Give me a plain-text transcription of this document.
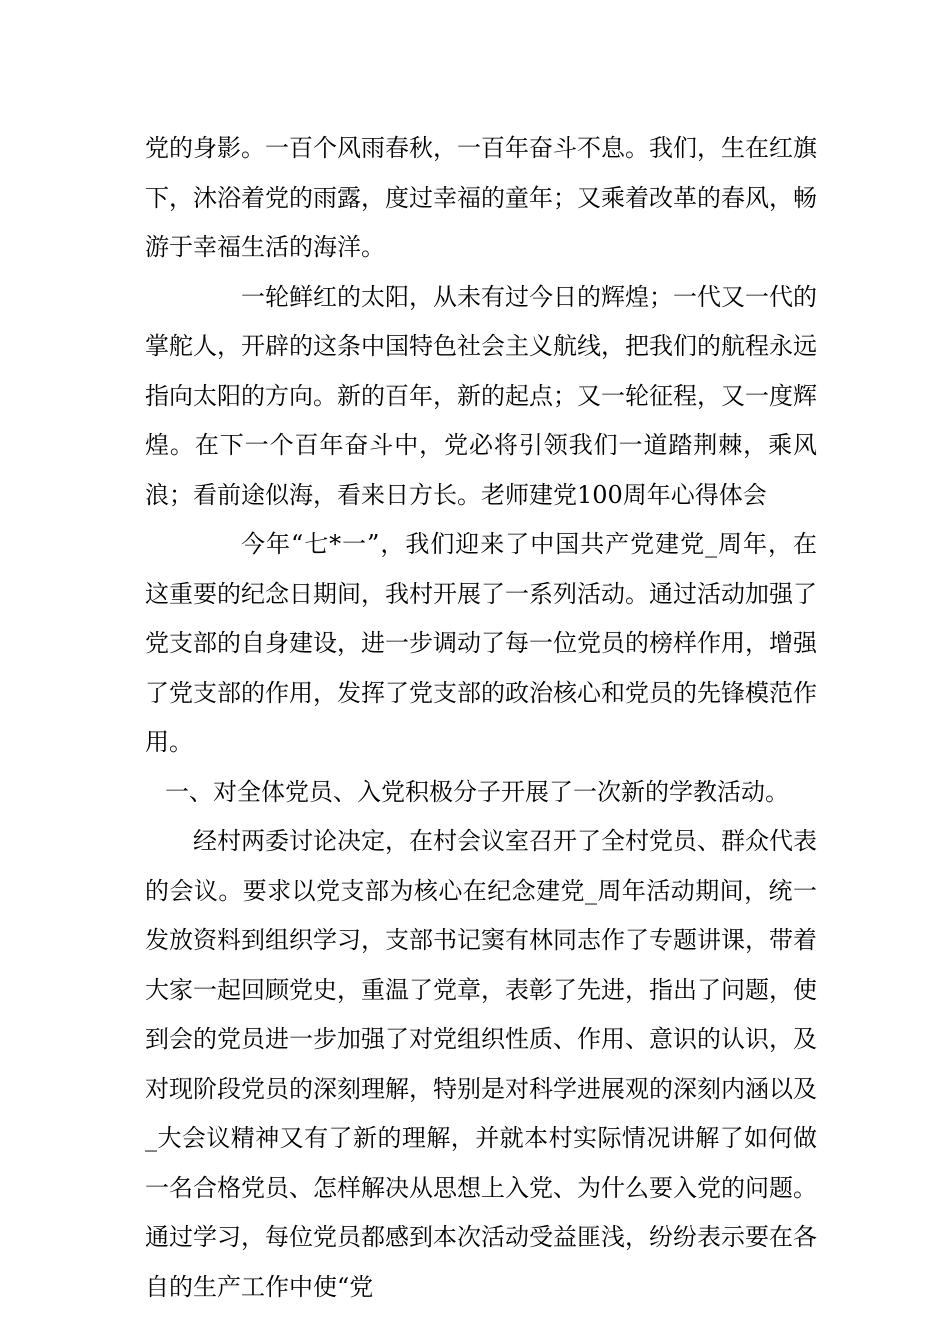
党的身影。一百个风雨春秋，一百年奋斗不息。我们，生在红旗下，沐浴着党的雨露，度过幸福的童年；又乘着改革的春风，畅游于幸福生活的海洋。

一轮鲜红的太阳，从未有过今日的辉煌；一代又一代的掌舵人，开辟的这条中国特色社会主义航线，把我们的航程永远指向太阳的方向。新的百年，新的起点；又一轮征程，又一度辉煌。在下一个百年奋斗中，党必将引领我们一道踏荆棘，乘风浪；看前途似海，看来日方长。老师建党100周年心得体会

今年“七*一”，我们迎来了中国共产党建党_周年，在这重要的纪念日期间，我村开展了一系列活动。通过活动加强了党支部的自身建设，进一步调动了每一位党员的榜样作用，增强了党支部的作用，发挥了党支部的政治核心和党员的先锋模范作用。

一、对全体党员、入党积极分子开展了一次新的学教活动。

经村两委讨论决定，在村会议室召开了全村党员、群众代表的会议。要求以党支部为核心在纪念建党_周年活动期间，统一发放资料到组织学习，支部书记窦有林同志作了专题讲课，带着大家一起回顾党史，重温了党章，表彰了先进，指出了问题，使到会的党员进一步加强了对党组织性质、作用、意识的认识，及对现阶段党员的深刻理解，特别是对科学进展观的深刻内涵以及_大会议精神又有了新的理解，并就本村实际情况讲解了如何做一名合格党员、怎样解决从思想上入党、为什么要入党的问题。通过学习，每位党员都感到本次活动受益匪浅，纷纷表示要在各自的生产工作中使“党
